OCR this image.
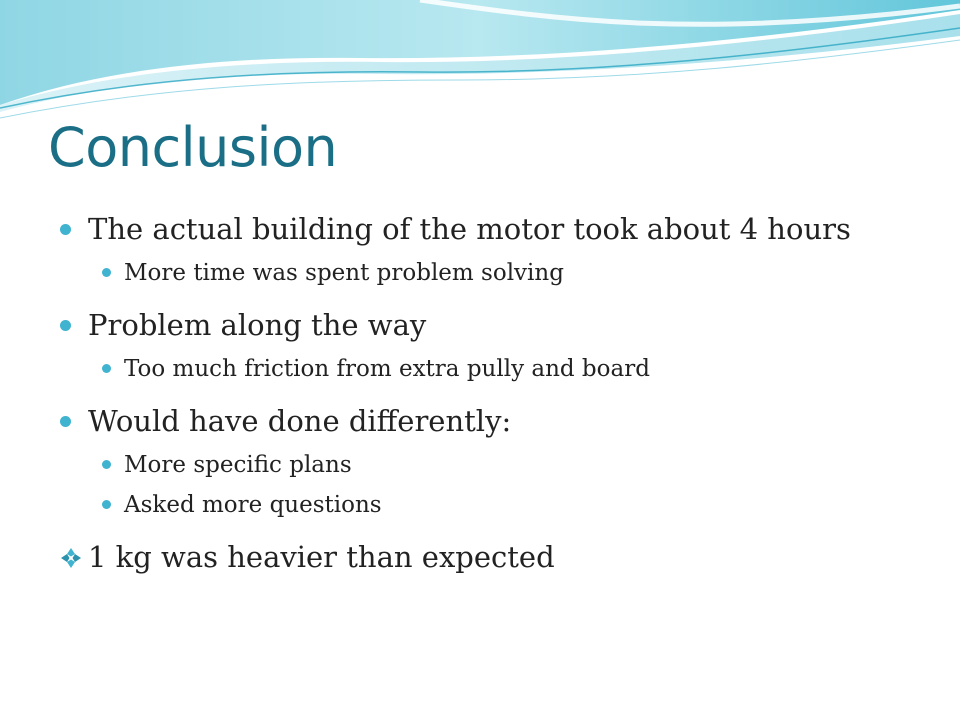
Conclusion
The actual building of the motor took about 4 hours
More time was spent problem solving
Problem along the way
Too much friction from extra pully and board
Would have done differently:
More specific plans
Asked more questions
1 kg was heavier than expected
